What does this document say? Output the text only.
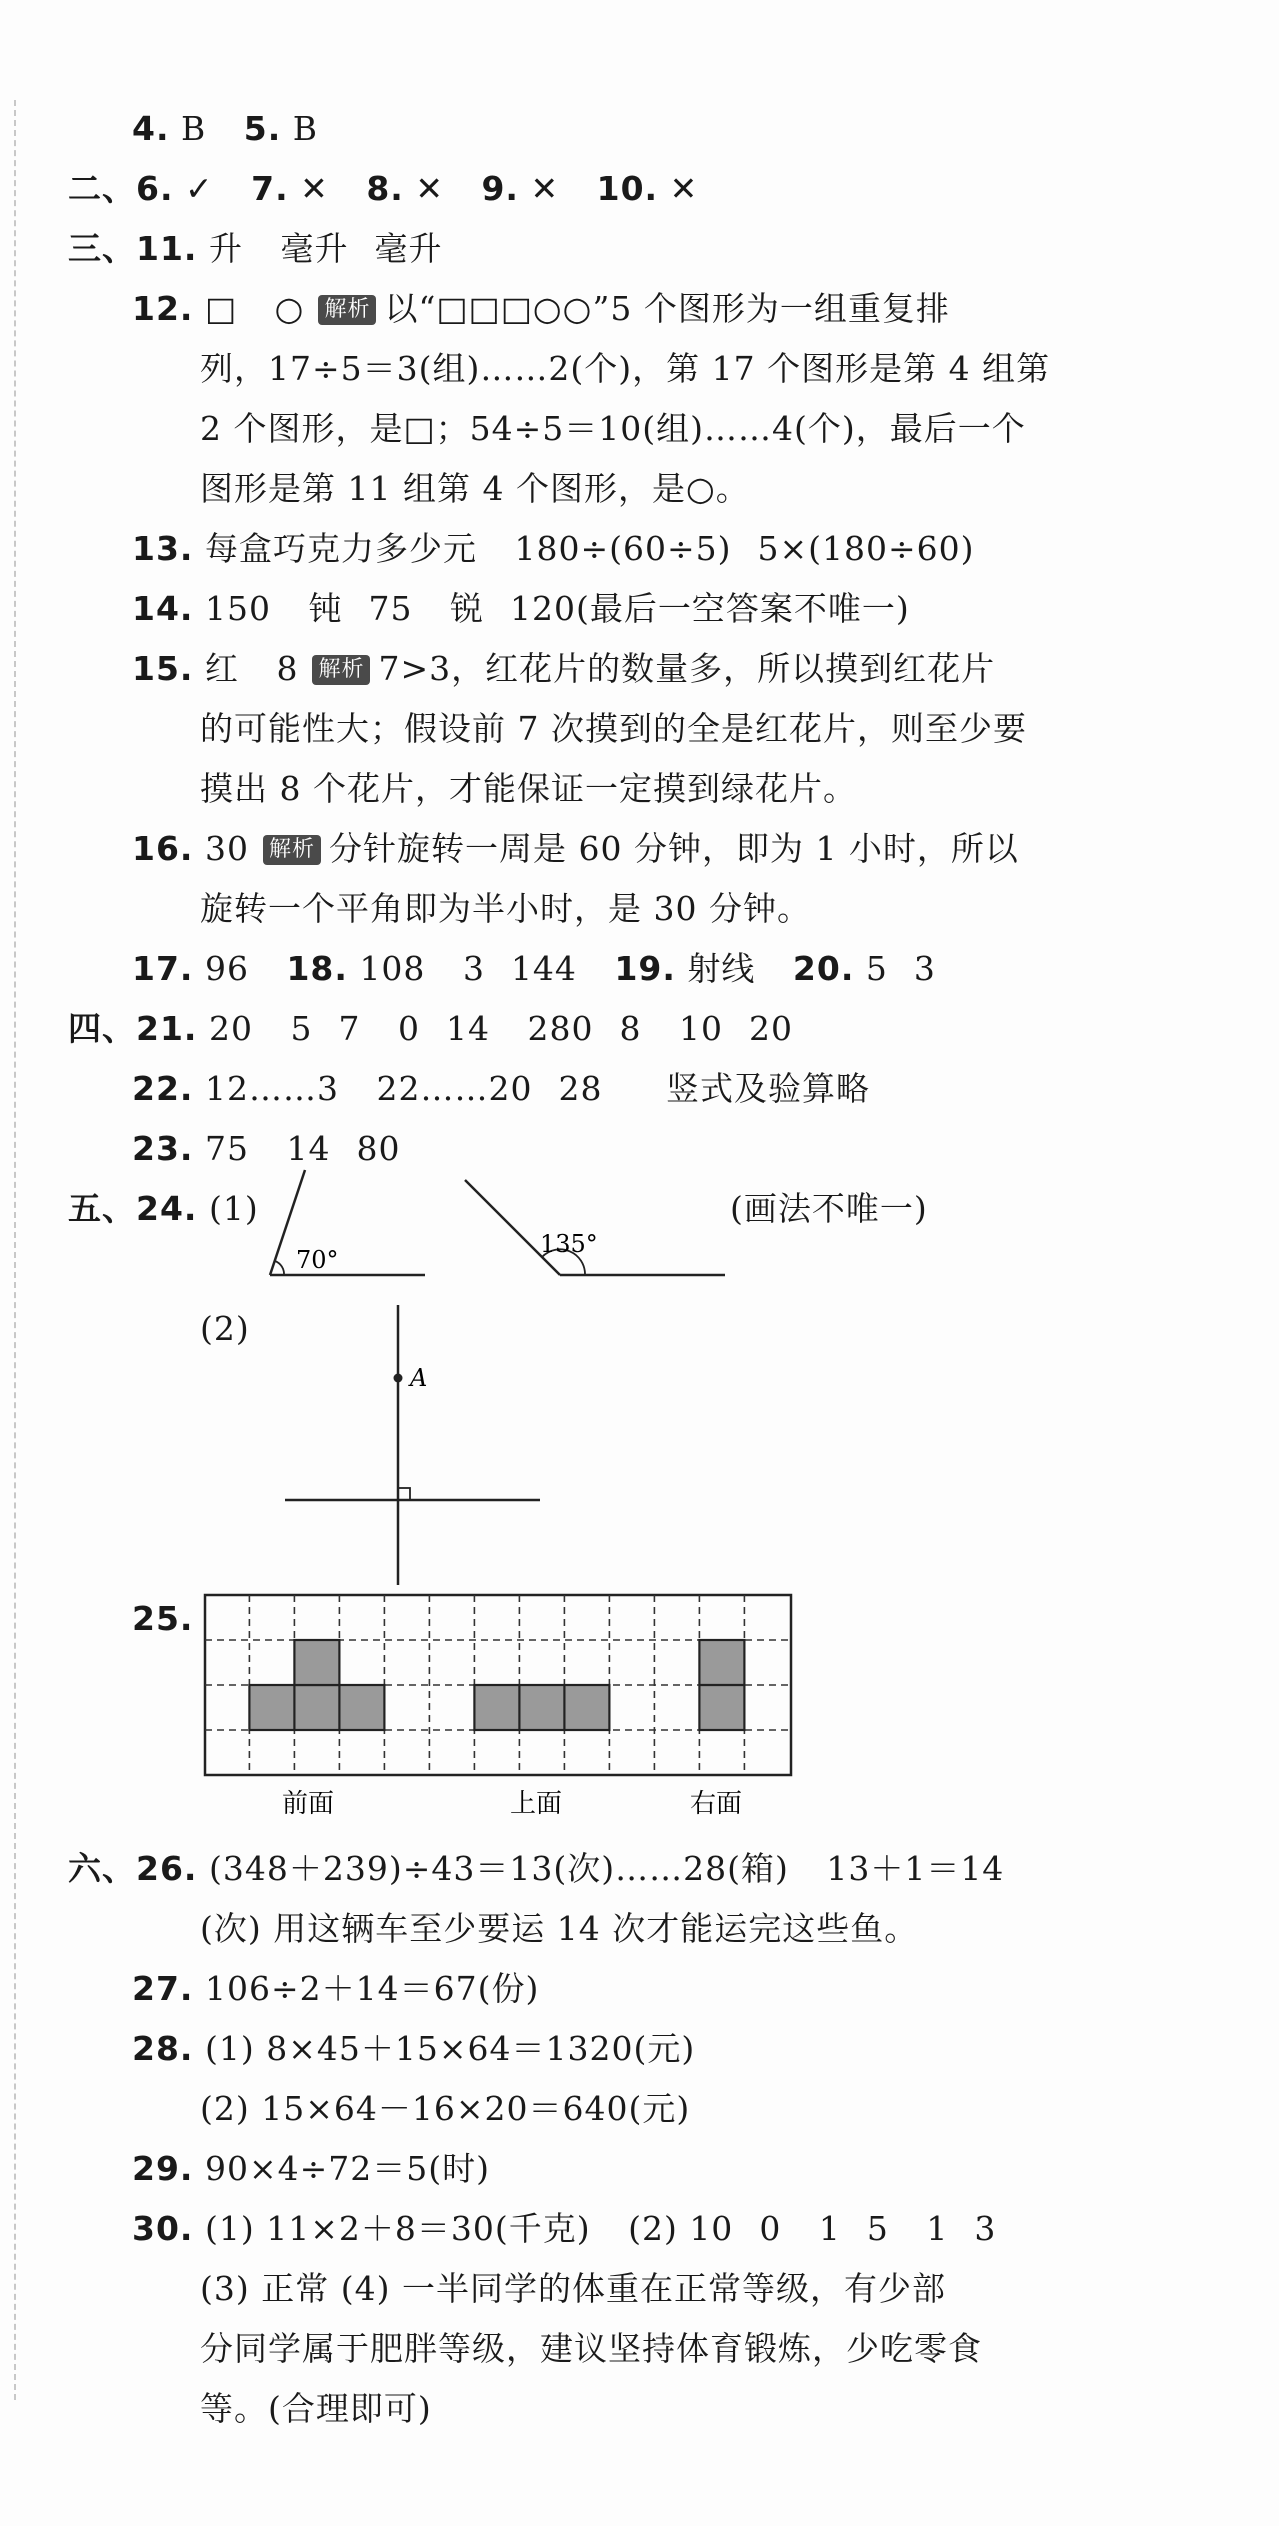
4. B 5. B
二、6. ✓ 7. ✕ 8. ✕ 9. ✕ 10. ✕
三、11. 升 毫升 毫升
12. □ ○ 解析 以“□□□○○”5 个图形为一组重复排
列，17÷5＝3(组)……2(个)，第 17 个图形是第 4 组第
2 个图形，是□；54÷5＝10(组)……4(个)，最后一个
图形是第 11 组第 4 个图形，是○。
13. 每盒巧克力多少元 180÷(60÷5) 5×(180÷60)
14. 150 钝 75 锐 120(最后一空答案不唯一)
15. 红 8 解析 7>3，红花片的数量多，所以摸到红花片
的可能性大；假设前 7 次摸到的全是红花片，则至少要
摸出 8 个花片，才能保证一定摸到绿花片。
16. 30 解析 分针旋转一周是 60 分钟，即为 1 小时，所以
旋转一个平角即为半小时，是 30 分钟。
17. 96 18. 108 3 144 19. 射线 20. 5 3
四、21. 20 5 7 0 14 280 8 10 20
22. 12……3 22……20 28 竖式及验算略
23. 75 14 80
五、24. (1)	(画法不唯一)
70°
135°
(2)
A
25.
前面	上面	右面
六、26. (348＋239)÷43＝13(次)……28(箱) 13＋1＝14
(次) 用这辆车至少要运 14 次才能运完这些鱼。
27. 106÷2＋14＝67(份)
28. (1) 8×45＋15×64＝1320(元)
(2) 15×64－16×20＝640(元)
29. 90×4÷72＝5(时)
30. (1) 11×2＋8＝30(千克) (2) 10 0 1 5 1 3
(3) 正常 (4) 一半同学的体重在正常等级，有少部
分同学属于肥胖等级，建议坚持体育锻炼，少吃零食
等。(合理即可)
